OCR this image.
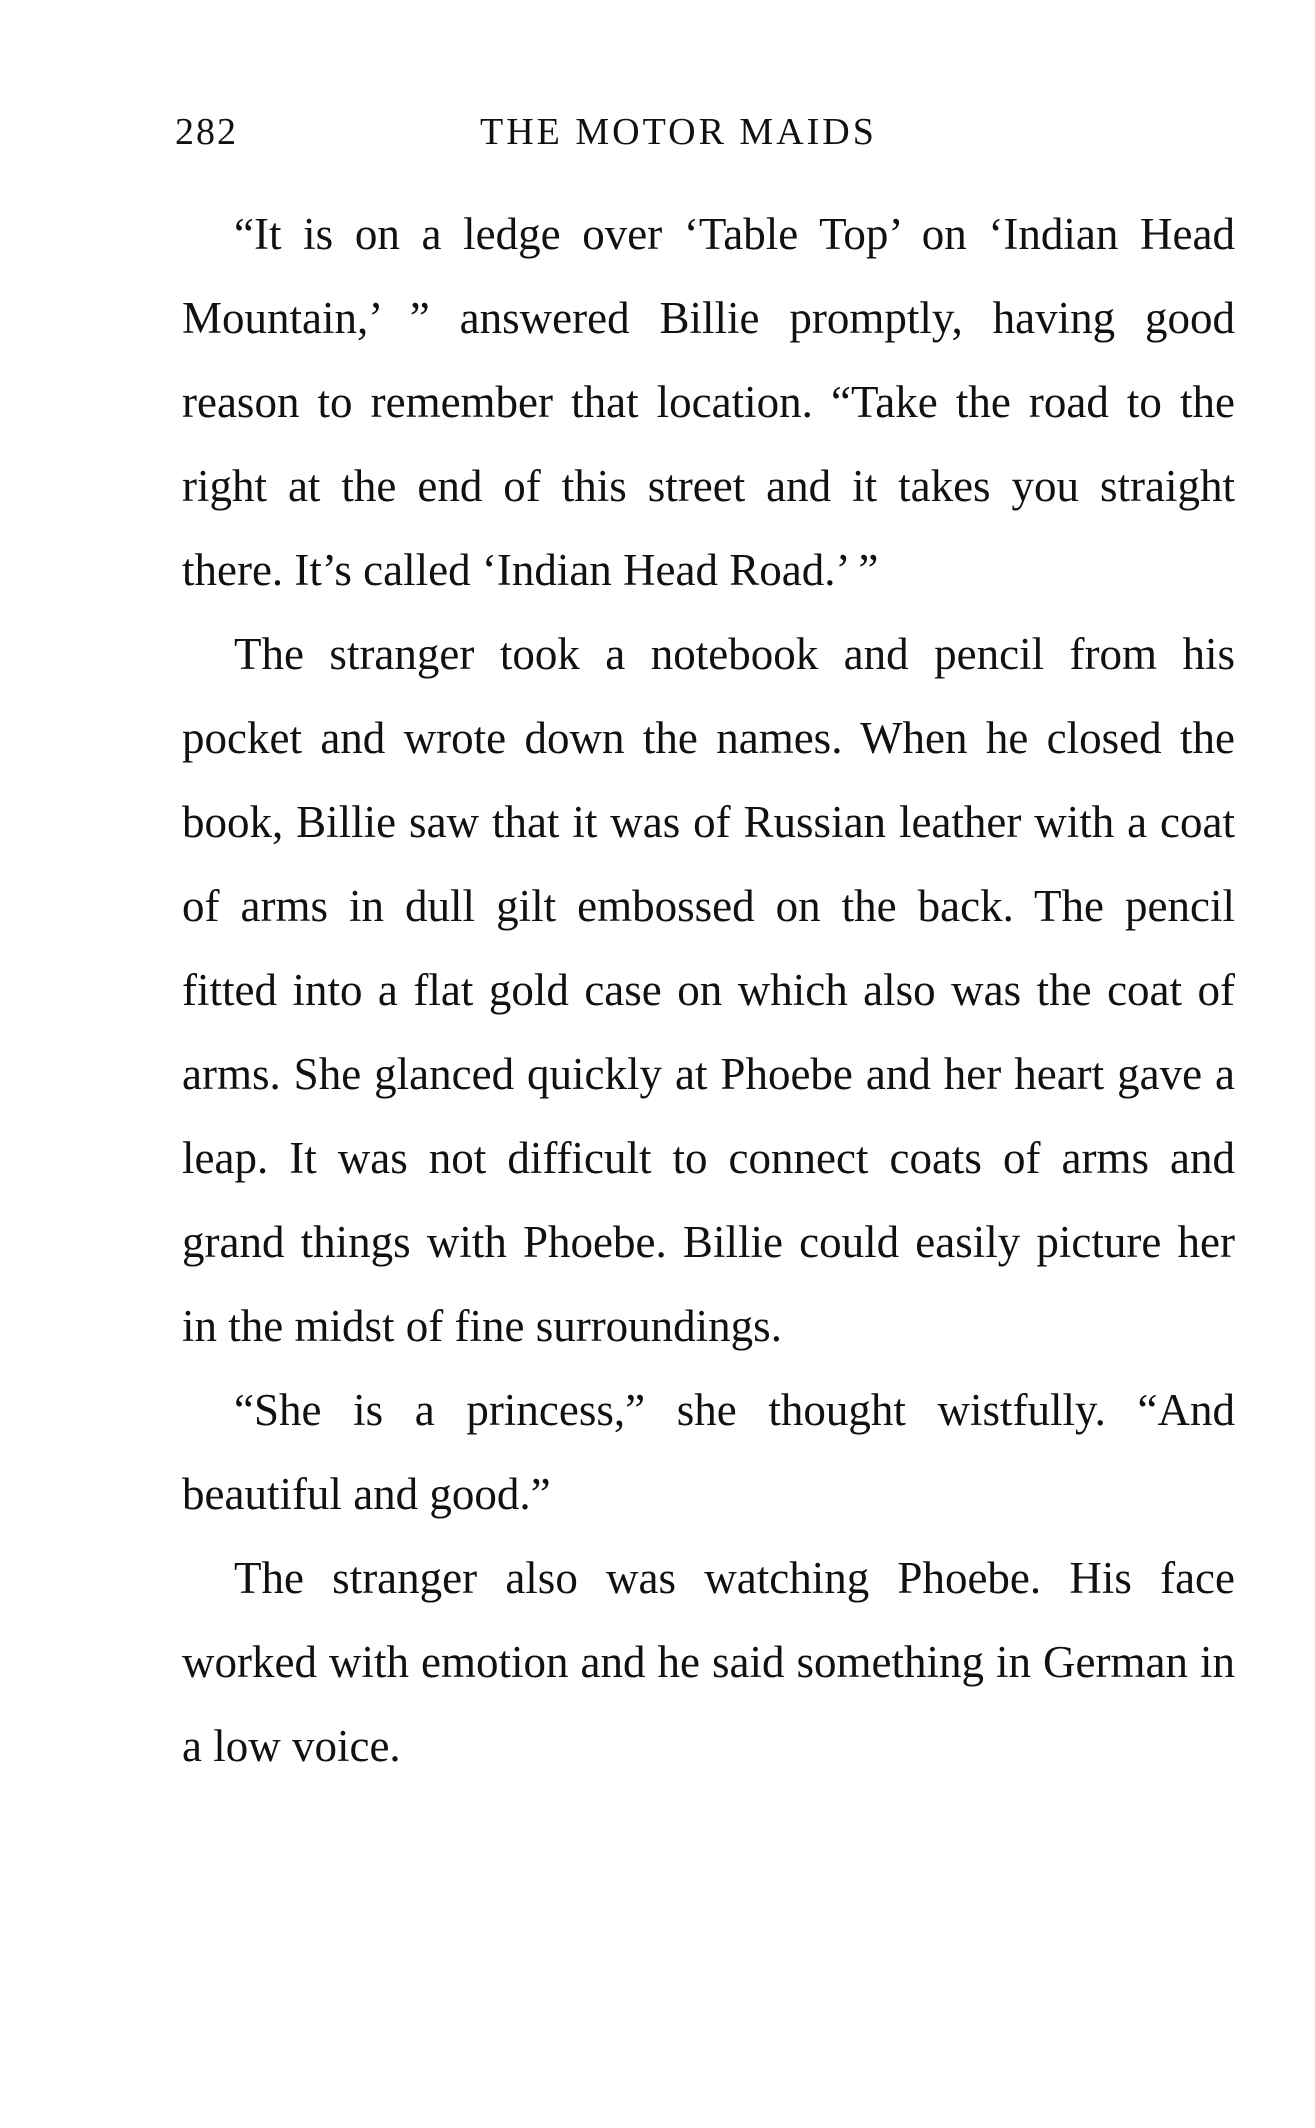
282	THE MOTOR MAIDS

“It is on a ledge over ‘Table Top’ on ‘Indian Head Mountain,’ ” answered Billie promptly, having good reason to remember that location. “Take the road to the right at the end of this street and it takes you straight there. It’s called ‘Indian Head Road.’ ”

The stranger took a notebook and pencil from his pocket and wrote down the names. When he closed the book, Billie saw that it was of Russian leather with a coat of arms in dull gilt embossed on the back. The pencil fitted into a flat gold case on which also was the coat of arms. She glanced quickly at Phoebe and her heart gave a leap. It was not difficult to connect coats of arms and grand things with Phoebe. Billie could easily picture her in the midst of fine surroundings.

“She is a princess,” she thought wistfully. “And beautiful and good.”

The stranger also was watching Phoebe. His face worked with emotion and he said something in German in a low voice.
